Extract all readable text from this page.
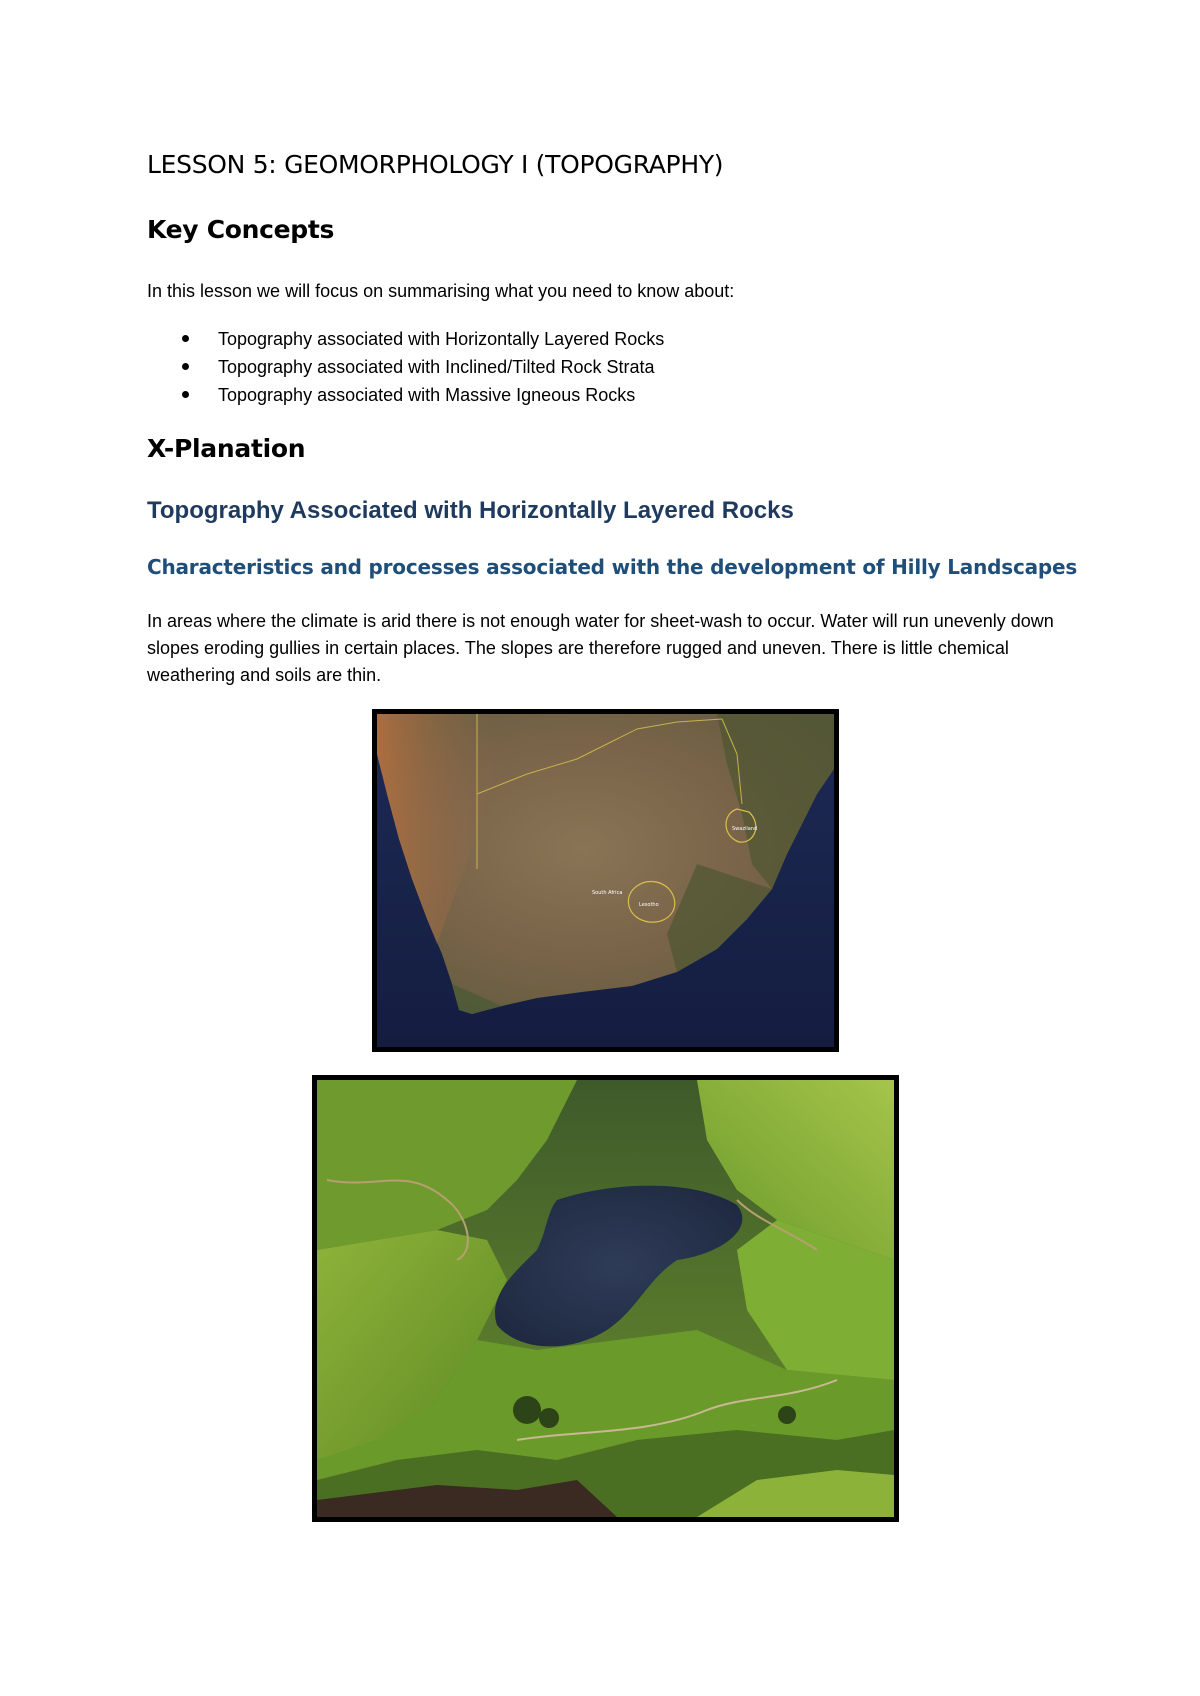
LESSON 5: GEOMORPHOLOGY I (TOPOGRAPHY)
Key Concepts

In this lesson we will focus on summarising what you need to know about:

Topography associated with Horizontally Layered Rocks
Topography associated with Inclined/Tilted Rock Strata
Topography associated with Massive Igneous Rocks
X-Planation
Topography Associated with Horizontally Layered Rocks
Characteristics and processes associated with the development of Hilly Landscapes

In areas where the climate is arid there is not enough water for sheet-wash to occur. Water will run unevenly down slopes eroding gullies in certain places. The slopes are therefore rugged and uneven. There is little chemical weathering and soils are thin.

South Africa
Lesotho
Swaziland
